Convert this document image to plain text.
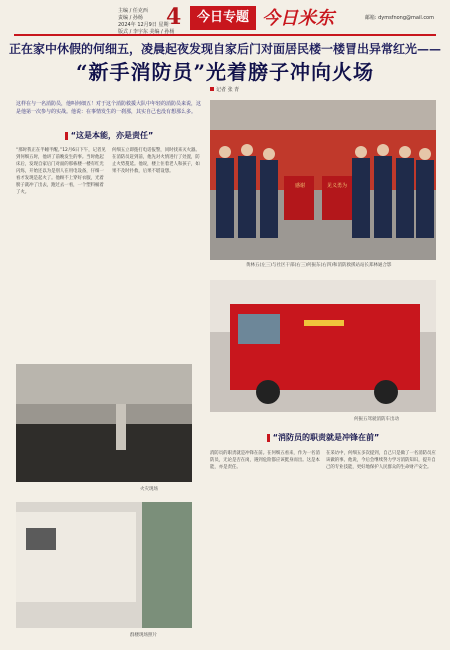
主编 / 任克西
责编 / 孙杨
2024年 12月9日 星期一
版式 / 李宇东 美编 / 孙杨
4	今日专题 今日米东	邮箱: dymsfnong@mail.com
正在家中休假的何细五，凌晨起夜发现自家后门对面居民楼一楼冒出异常红光——
“新手消防员”光着膀子冲向火场
记者 张 青
这样在与一名消防员，他叫何细五！对于这个消防救援大队中年轻的消防员来说，这是他第一次参与的实战。他说：在事情发生的一刹那，其实自己也没有想那么多。
“这是本能，亦是责任”
“那时我正在半睡半醒。”12月6日下午，记者见到何细五时，他讲了前晚发生的事。当时他起床后，发现自家后门对面的那栋楼一楼有红光闪烁，开始还以为是别人在用电设备，仔细一看才发现是起火了。他顾不上穿好衣服，光着膀子就冲了出去，跑过去一看，一个塑料桶着了火。
何细五立即拨打电话报警，同时找来灭火器。在消防员赶到前，他先对火情进行了处置，防止火势蔓延。他说，楼上住着老人和孩子，如果不及时扑救，后果不堪设想。
感谢	见义勇为
黄林五(左三)与社区干部(右三)何振东(右四)和消防救援站站长郑林通合影
何振五驾驶消防车出动
火灾现场
群楼现场照片
“消防员的职责就是冲锋在前”
消防员的职责就是冲锋在前。在何细五看来，作为一名消防员，无论是否在岗，遇到危险都应该挺身而出。这是本能，亦是责任。
在采访中，何细五多次提到，自己只是做了一名消防员应该做的事。他说，今后会继续努力学习消防知识，提升自己的专业技能，更好地保护人民群众的生命财产安全。
